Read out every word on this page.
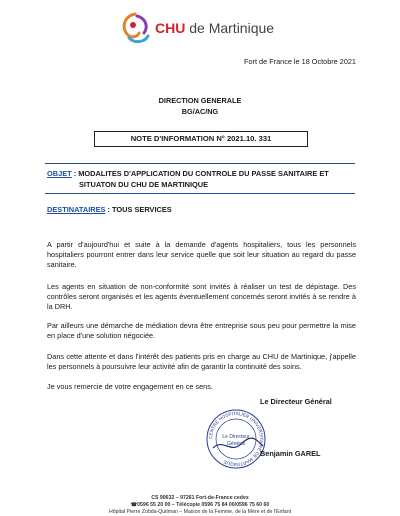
CHU de Martinique
Fort de France le 18 Octobre 2021
DIRECTION GENERALE
BG/AC/NG
NOTE D'INFORMATION N° 2021.10. 331
OBJET : MODALITES D'APPLICATION DU CONTROLE DU PASSE SANITAIRE ET
SITUATON DU CHU DE MARTINIQUE
DESTINATAIRES : TOUS SERVICES
A partir d'aujourd'hui et suite à la demande d'agents hospitaliers, tous les personnels hospitaliers pourront entrer dans leur service quelle que soit leur situation au regard du passe sanitaire.
Les agents en situation de non-conformité sont invités à réaliser un test de dépistage. Des contrôles seront organisés et les agents éventuellement concernés seront invités à se rendre à la DRH.
Par ailleurs une démarche de médiation devra être entreprise sous peu pour permettre la mise en place d'une solution négociée.
Dans cette attente et dans l'intérêt des patients pris en charge au CHU de Martinique, j'appelle les personnels à poursuivre leur activité afin de garantir la continuité des soins.
Je vous remercie de votre engagement en ce sens.
Le Directeur Général
CENTRE HOSPITALIER UNIVERSITAIRE DE MARTINIQUE
Le Directeur
Général
Benjamin GAREL
CS 90632 – 97261 Fort-de-France cedex
☎0596 55 20 00 – Télécopie 0596 75 84 00/0596 75 60 60
Hôpital Pierre Zobda-Quitman – Maison de la Femme, de la Mère et de l'Enfant
